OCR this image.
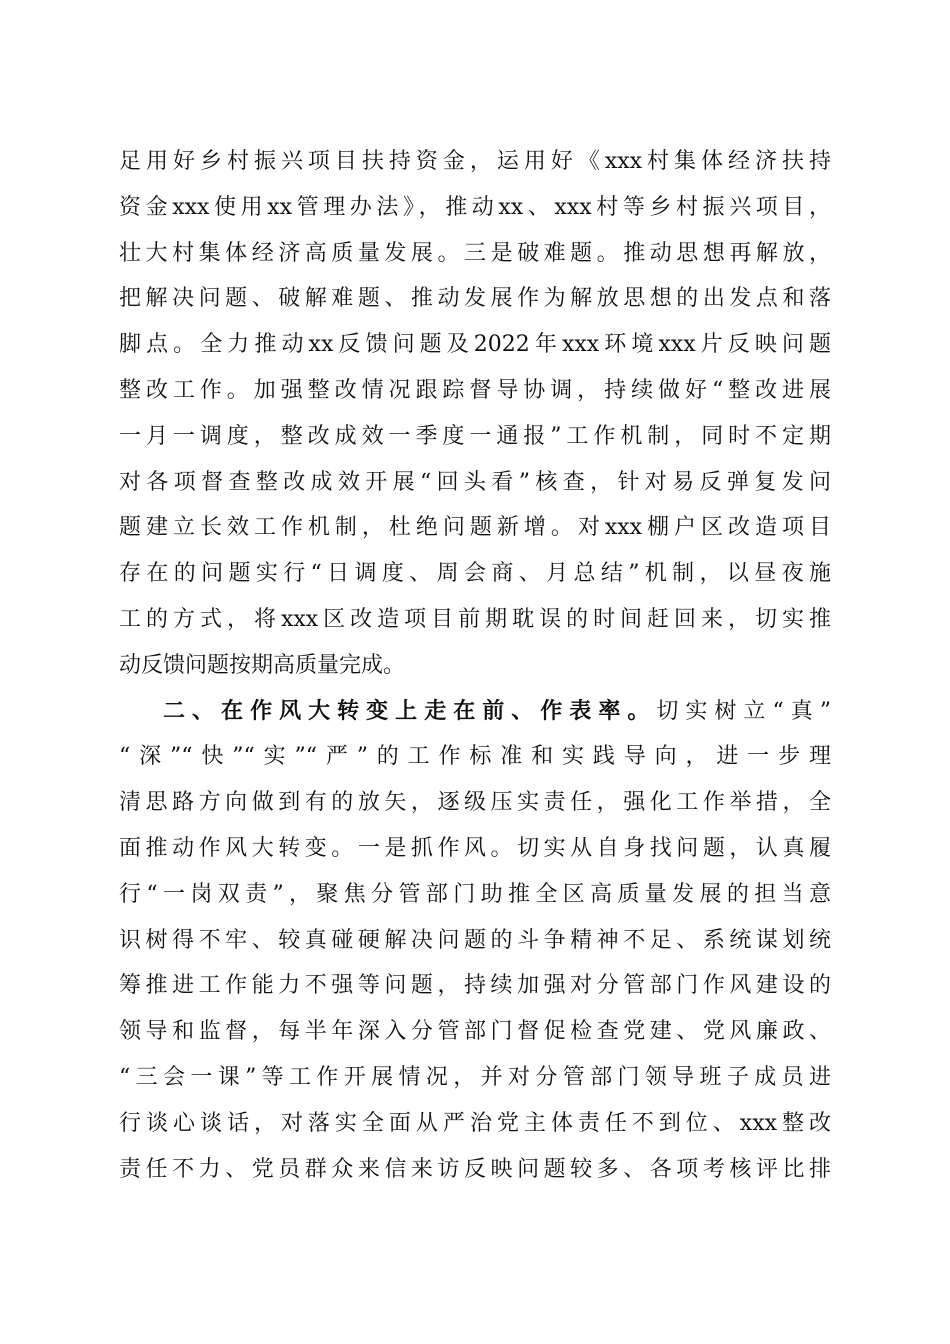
足用好乡村振兴项目扶持资金，运用好《xxx村集体经济扶持
资金xxx使用xx管理办法》，推动xx、xxx村等乡村振兴项目，
壮大村集体经济高质量发展。三是破难题。推动思想再解放，
把解决问题、破解难题、推动发展作为解放思想的出发点和落
脚点。全力推动xx反馈问题及2022年xxx环境xxx片反映问题
整改工作。加强整改情况跟踪督导协调，持续做好“整改进展
一月一调度，整改成效一季度一通报”工作机制，同时不定期
对各项督查整改成效开展“回头看”核查，针对易反弹复发问
题建立长效工作机制，杜绝问题新增。对xxx棚户区改造项目
存在的问题实行“日调度、周会商、月总结”机制，以昼夜施
工的方式，将xxx区改造项目前期耽误的时间赶回来，切实推
动反馈问题按期高质量完成。
二、在作风大转变上走在前、作表率。切实树立“真”
“深”“快”“实”“严”的工作标准和实践导向，进一步理
清思路方向做到有的放矢，逐级压实责任，强化工作举措，全
面推动作风大转变。一是抓作风。切实从自身找问题，认真履
行“一岗双责”，聚焦分管部门助推全区高质量发展的担当意
识树得不牢、较真碰硬解决问题的斗争精神不足、系统谋划统
筹推进工作能力不强等问题，持续加强对分管部门作风建设的
领导和监督，每半年深入分管部门督促检查党建、党风廉政、
“三会一课”等工作开展情况，并对分管部门领导班子成员进
行谈心谈话，对落实全面从严治党主体责任不到位、xxx整改
责任不力、党员群众来信来访反映问题较多、各项考核评比排
